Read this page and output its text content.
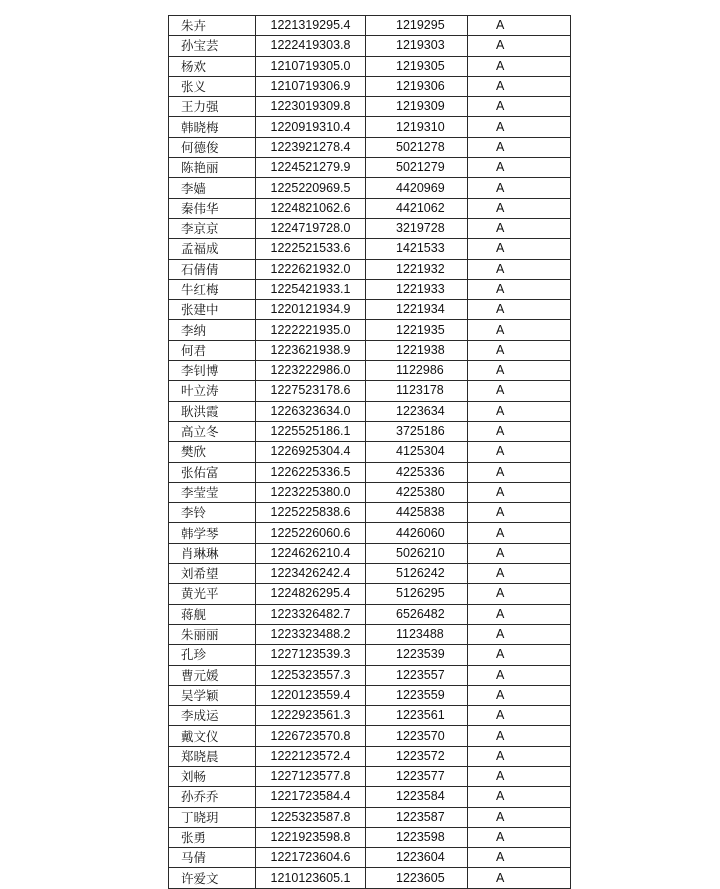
朱卉	1221319295.4	1219295	A
孙宝芸	1222419303.8	1219303	A
杨欢	1210719305.0	1219305	A
张义	1210719306.9	1219306	A
王力强	1223019309.8	1219309	A
韩晓梅	1220919310.4	1219310	A
何德俊	1223921278.4	5021278	A
陈艳丽	1224521279.9	5021279	A
李嫱	1225220969.5	4420969	A
秦伟华	1224821062.6	4421062	A
李京京	1224719728.0	3219728	A
孟福成	1222521533.6	1421533	A
石倩倩	1222621932.0	1221932	A
牛红梅	1225421933.1	1221933	A
张建中	1220121934.9	1221934	A
李纳	1222221935.0	1221935	A
何君	1223621938.9	1221938	A
李钊博	1223222986.0	1122986	A
叶立涛	1227523178.6	1123178	A
耿洪霞	1226323634.0	1223634	A
高立冬	1225525186.1	3725186	A
樊欣	1226925304.4	4125304	A
张佑富	1226225336.5	4225336	A
李莹莹	1223225380.0	4225380	A
李铃	1225225838.6	4425838	A
韩学琴	1225226060.6	4426060	A
肖琳琳	1224626210.4	5026210	A
刘希望	1223426242.4	5126242	A
黄光平	1224826295.4	5126295	A
蒋舰	1223326482.7	6526482	A
朱丽丽	1223323488.2	1123488	A
孔珍	1227123539.3	1223539	A
曹元媛	1225323557.3	1223557	A
吴学颖	1220123559.4	1223559	A
李成运	1222923561.3	1223561	A
戴文仪	1226723570.8	1223570	A
郑晓晨	1222123572.4	1223572	A
刘畅	1227123577.8	1223577	A
孙乔乔	1221723584.4	1223584	A
丁晓玥	1225323587.8	1223587	A
张勇	1221923598.8	1223598	A
马倩	1221723604.6	1223604	A
许爱文	1210123605.1	1223605	A
